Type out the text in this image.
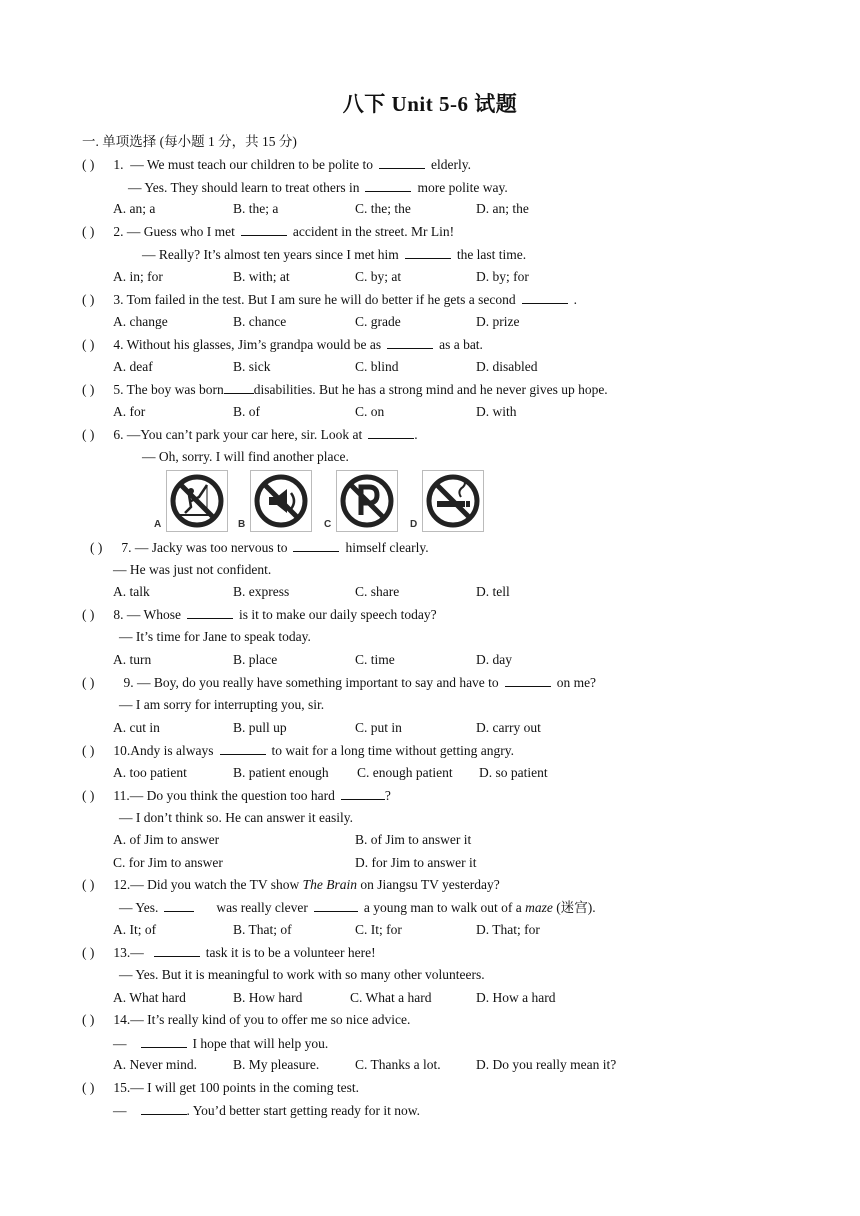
八下 Unit 5-6 试题
一. 单项选择 (每小题 1 分，共 15 分)
( ) 1. — We must teach our children to be polite to	elderly.
— Yes. They should learn to treat others in	more polite way.
A. an; a	B. the; a	C. the; the	D. an; the
( ) 2. — Guess who I met	accident in the street. Mr Lin!
— Really? It’s almost ten years since I met him	the last time.
A. in; for	B. with; at	C. by; at	D. by; for
( ) 3. Tom failed in the test. But I am sure he will do better if he gets a second	.
A. change	B. chance	C. grade	D. prize
( ) 4. Without his glasses, Jim’s grandpa would be as	as a bat.
A. deaf	B. sick	C. blind	D. disabled
( ) 5. The boy was born disabilities. But he has a strong mind and he never gives up hope.
A. for	B. of	C. on	D. with
( ) 6. —You can’t park your car here, sir. Look at	.
— Oh, sorry. I will find another place.
A	B	C	D
( ) 7. — Jacky was too nervous to	himself clearly.
— He was just not confident.
A. talk	B. express	C. share	D. tell
( ) 8. — Whose	is it to make our daily speech today?
— It’s time for Jane to speak today.
A. turn	B. place	C. time	D. day
( ) 9. — Boy, do you really have something important to say and have to	on me?
— I am sorry for interrupting you, sir.
A. cut in	B. pull up	C. put in	D. carry out
( ) 10.Andy is always	to wait for a long time without getting angry.
A. too patient	B. patient enough C. enough patient D. so patient
( ) 11.— Do you think the question too hard	?
— I don’t think so. He can answer it easily.
A. of Jim to answer	B. of Jim to answer it
C. for Jim to answer	D. for Jim to answer it
( ) 12.— Did you watch the TV show The Brain on Jiangsu TV yesterday?
— Yes.	was really clever	a young man to walk out of a maze (迷宫).
A. It; of	B. That; of	C. It; for	D. That; for
( ) 13.—	task it is to be a volunteer here!
— Yes. But it is meaningful to work with so many other volunteers.
A. What hard	B. How hard	C. What a hard	D. How a hard
( ) 14.— It’s really kind of you to offer me so nice advice.
—	I hope that will help you.
A. Never mind.	B. My pleasure.	C. Thanks a lot.	D. Do you really mean it?
( ) 15.— I will get 100 points in the coming test.
—	. You’d better start getting ready for it now.
